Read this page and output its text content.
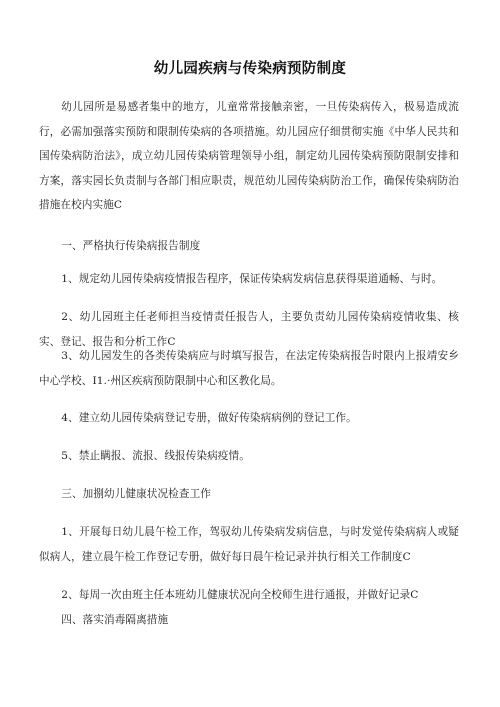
幼儿园疾病与传染病预防制度

幼儿园所是易感者集中的地方，儿童常常接触亲密，一旦传染病传入，极易造成流行，必需加强落实预防和限制传染病的各项措施。幼儿园应仔细贯彻实施《中华人民共和国传染病防治法》，成立幼儿园传染病管理领导小组，制定幼儿园传染病预防限制安排和方案，落实园长负责制与各部门相应职责，规范幼儿园传染病防治工作，确保传染病防治措施在校内实施C

一、严格执行传染病报告制度

1、规定幼儿园传染病疫情报告程序，保证传染病发病信息获得渠道通畅、与时。

2、幼儿园班主任老师担当疫情责任报告人，主要负责幼儿园传染病疫情收集、核实、登记、报告和分析工作C

3、幼儿园发生的各类传染病应与时填写报告，在法定传染病报告时限内上报靖安乡中心学校、I1.·州区疾病预防限制中心和区教化局。

4、建立幼儿园传染病登记专册，做好传染病病例的登记工作。

5、禁止瞒报、流报、线报传染病疫情。

三、加捌幼儿健康状况检查工作

1、开展每日幼儿晨午检工作，驾驭幼儿传染病发病信息，与时发觉传染病病人或疑似病人，建立晨午检工作登记专册，做好每日晨午检记录并执行相关工作制度C

2、每周一次由班主任本班幼儿健康状况向全校师生进行通报，并做好记录C

四、落实消毒隔离措施
